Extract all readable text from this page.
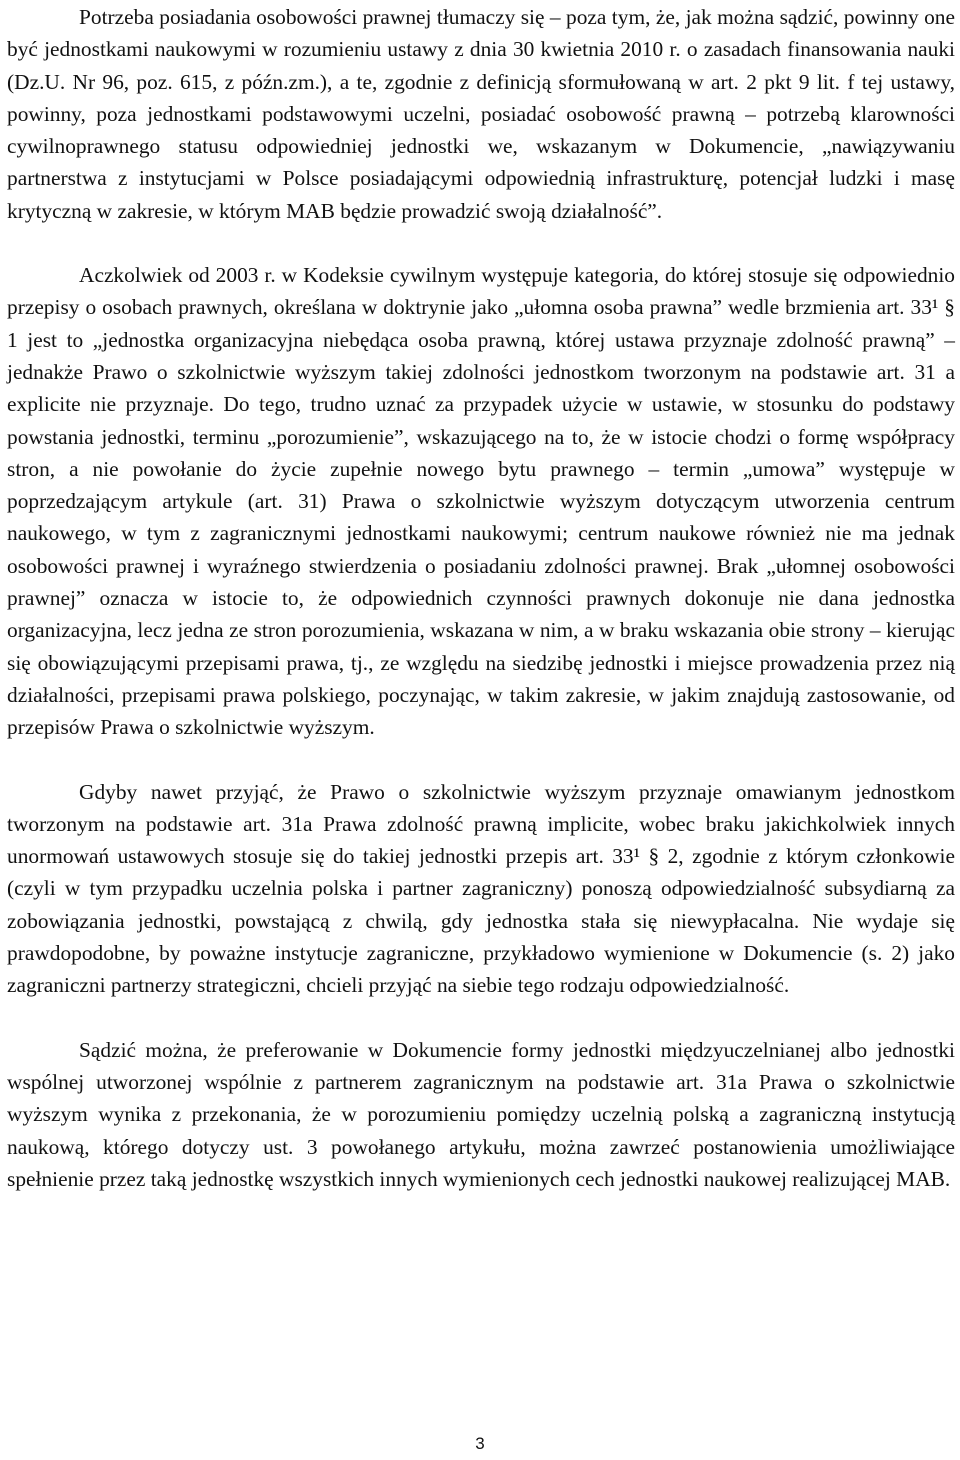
Potrzeba posiadania osobowości prawnej tłumaczy się – poza tym, że, jak można sądzić, powinny one być jednostkami naukowymi w rozumieniu ustawy z dnia 30 kwietnia 2010 r. o zasadach finansowania nauki (Dz.U. Nr 96, poz. 615, z późn.zm.), a te, zgodnie z definicją sformułowaną w art. 2 pkt 9 lit. f tej ustawy, powinny, poza jednostkami podstawowymi uczelni, posiadać osobowość prawną – potrzebą klarowności cywilnoprawnego statusu odpowiedniej jednostki we, wskazanym w Dokumencie, „nawiązywaniu partnerstwa z instytucjami w Polsce posiadającymi odpowiednią infrastrukturę, potencjał ludzki i masę krytyczną w zakresie, w którym MAB będzie prowadzić swoją działalność”.

Aczkolwiek od 2003 r. w Kodeksie cywilnym występuje kategoria, do której stosuje się odpowiednio przepisy o osobach prawnych, określana w doktrynie jako „ułomna osoba prawna” wedle brzmienia art. 33¹ § 1 jest to „jednostka organizacyjna niebędąca osoba prawną, której ustawa przyznaje zdolność prawną” – jednakże Prawo o szkolnictwie wyższym takiej zdolności jednostkom tworzonym na podstawie art. 31 a explicite nie przyznaje. Do tego, trudno uznać za przypadek użycie w ustawie, w stosunku do podstawy powstania jednostki, terminu „porozumienie”, wskazującego na to, że w istocie chodzi o formę współpracy stron, a nie powołanie do życie zupełnie nowego bytu prawnego – termin „umowa” występuje w poprzedzającym artykule (art. 31) Prawa o szkolnictwie wyższym dotyczącym utworzenia centrum naukowego, w tym z zagranicznymi jednostkami naukowymi; centrum naukowe również nie ma jednak osobowości prawnej i wyraźnego stwierdzenia o posiadaniu zdolności prawnej. Brak „ułomnej osobowości prawnej” oznacza w istocie to, że odpowiednich czynności prawnych dokonuje nie dana jednostka organizacyjna, lecz jedna ze stron porozumienia, wskazana w nim, a w braku wskazania obie strony – kierując się obowiązującymi przepisami prawa, tj., ze względu na siedzibę jednostki i miejsce prowadzenia przez nią działalności, przepisami prawa polskiego, poczynając, w takim zakresie, w jakim znajdują zastosowanie, od przepisów Prawa o szkolnictwie wyższym.

Gdyby nawet przyjąć, że Prawo o szkolnictwie wyższym przyznaje omawianym jednostkom tworzonym na podstawie art. 31a Prawa zdolność prawną implicite, wobec braku jakichkolwiek innych unormowań ustawowych stosuje się do takiej jednostki przepis art. 33¹ § 2, zgodnie z którym członkowie (czyli w tym przypadku uczelnia polska i partner zagraniczny) ponoszą odpowiedzialność subsydiarną za zobowiązania jednostki, powstającą z chwilą, gdy jednostka stała się niewypłacalna. Nie wydaje się prawdopodobne, by poważne instytucje zagraniczne, przykładowo wymienione w Dokumencie (s. 2) jako zagraniczni partnerzy strategiczni, chcieli przyjąć na siebie tego rodzaju odpowiedzialność.

Sądzić można, że preferowanie w Dokumencie formy jednostki międzyuczelnianej albo jednostki wspólnej utworzonej wspólnie z partnerem zagranicznym na podstawie art. 31a Prawa o szkolnictwie wyższym wynika z przekonania, że w porozumieniu pomiędzy uczelnią polską a zagraniczną instytucją naukową, którego dotyczy ust. 3 powołanego artykułu, można zawrzeć postanowienia umożliwiające spełnienie przez taką jednostkę wszystkich innych wymienionych cech jednostki naukowej realizującej MAB.

3
